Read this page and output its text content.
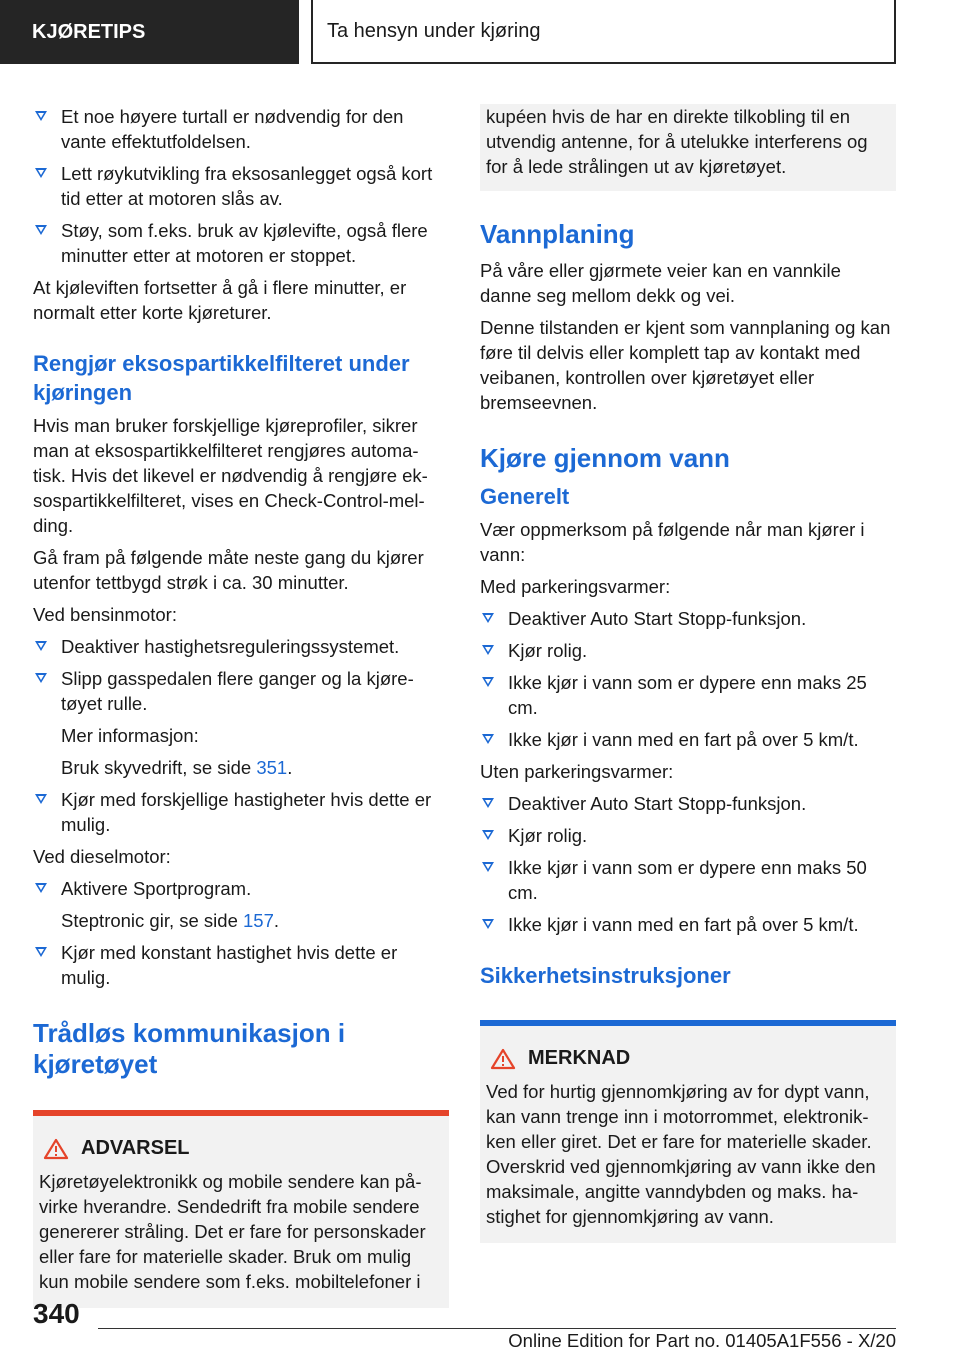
KJØRETIPS	Ta hensyn under kjøring
Et noe høyere turtall er nødvendig for den vante effektutfoldelsen.
Lett røykutvikling fra eksosanlegget også kort tid etter at motoren slås av.
Støy, som f.eks. bruk av kjølevifte, også flere minutter etter at motoren er stoppet.

At kjøleviften fortsetter å gå i flere minutter, er normalt etter korte kjøreturer.

Rengjør eksospartikkelfilteret under kjøringen

Hvis man bruker forskjellige kjøreprofiler, sikrer man at eksospartikkelfilteret rengjøres automa-tisk. Hvis det likevel er nødvendig å rengjøre ek-sospartikkelfilteret, vises en Check-Control-mel-ding.

Gå fram på følgende måte neste gang du kjører utenfor tettbygd strøk i ca. 30 minutter.

Ved bensinmotor:

Deaktiver hastighetsreguleringssystemet.
Slipp gasspedalen flere ganger og la kjøre-tøyet rulle.
Mer informasjon:
Bruk skyvedrift, se side 351.
Kjør med forskjellige hastigheter hvis dette er mulig.

Ved dieselmotor:

Aktivere Sportprogram.
Steptronic gir, se side 157.
Kjør med konstant hastighet hvis dette er mulig.
Trådløs kommunikasjon i kjøretøyet
ADVARSEL
Kjøretøyelektronikk og mobile sendere kan på-virke hverandre. Sendedrift fra mobile sendere genererer stråling. Det er fare for personskader eller fare for materielle skader. Bruk om mulig kun mobile sendere som f.eks. mobiltelefoner i
kupéen hvis de har en direkte tilkobling til en utvendig antenne, for å utelukke interferens og for å lede strålingen ut av kjøretøyet.
Vannplaning

På våre eller gjørmete veier kan en vannkile danne seg mellom dekk og vei.

Denne tilstanden er kjent som vannplaning og kan føre til delvis eller komplett tap av kontakt med veibanen, kontrollen over kjøretøyet eller bremseevnen.

Kjøre gjennom vann
Generelt

Vær oppmerksom på følgende når man kjører i vann:

Med parkeringsvarmer:

Deaktiver Auto Start Stopp-funksjon.
Kjør rolig.
Ikke kjør i vann som er dypere enn maks 25 cm.
Ikke kjør i vann med en fart på over 5 km/t.

Uten parkeringsvarmer:

Deaktiver Auto Start Stopp-funksjon.
Kjør rolig.
Ikke kjør i vann som er dypere enn maks 50 cm.
Ikke kjør i vann med en fart på over 5 km/t.
Sikkerhetsinstruksjoner
MERKNAD
Ved for hurtig gjennomkjøring av for dypt vann, kan vann trenge inn i motorrommet, elektronik-ken eller giret. Det er fare for materielle skader. Overskrid ved gjennomkjøring av vann ikke den maksimale, angitte vanndybden og maks. ha-stighet for gjennomkjøring av vann.
340
Online Edition for Part no. 01405A1F556 - X/20
